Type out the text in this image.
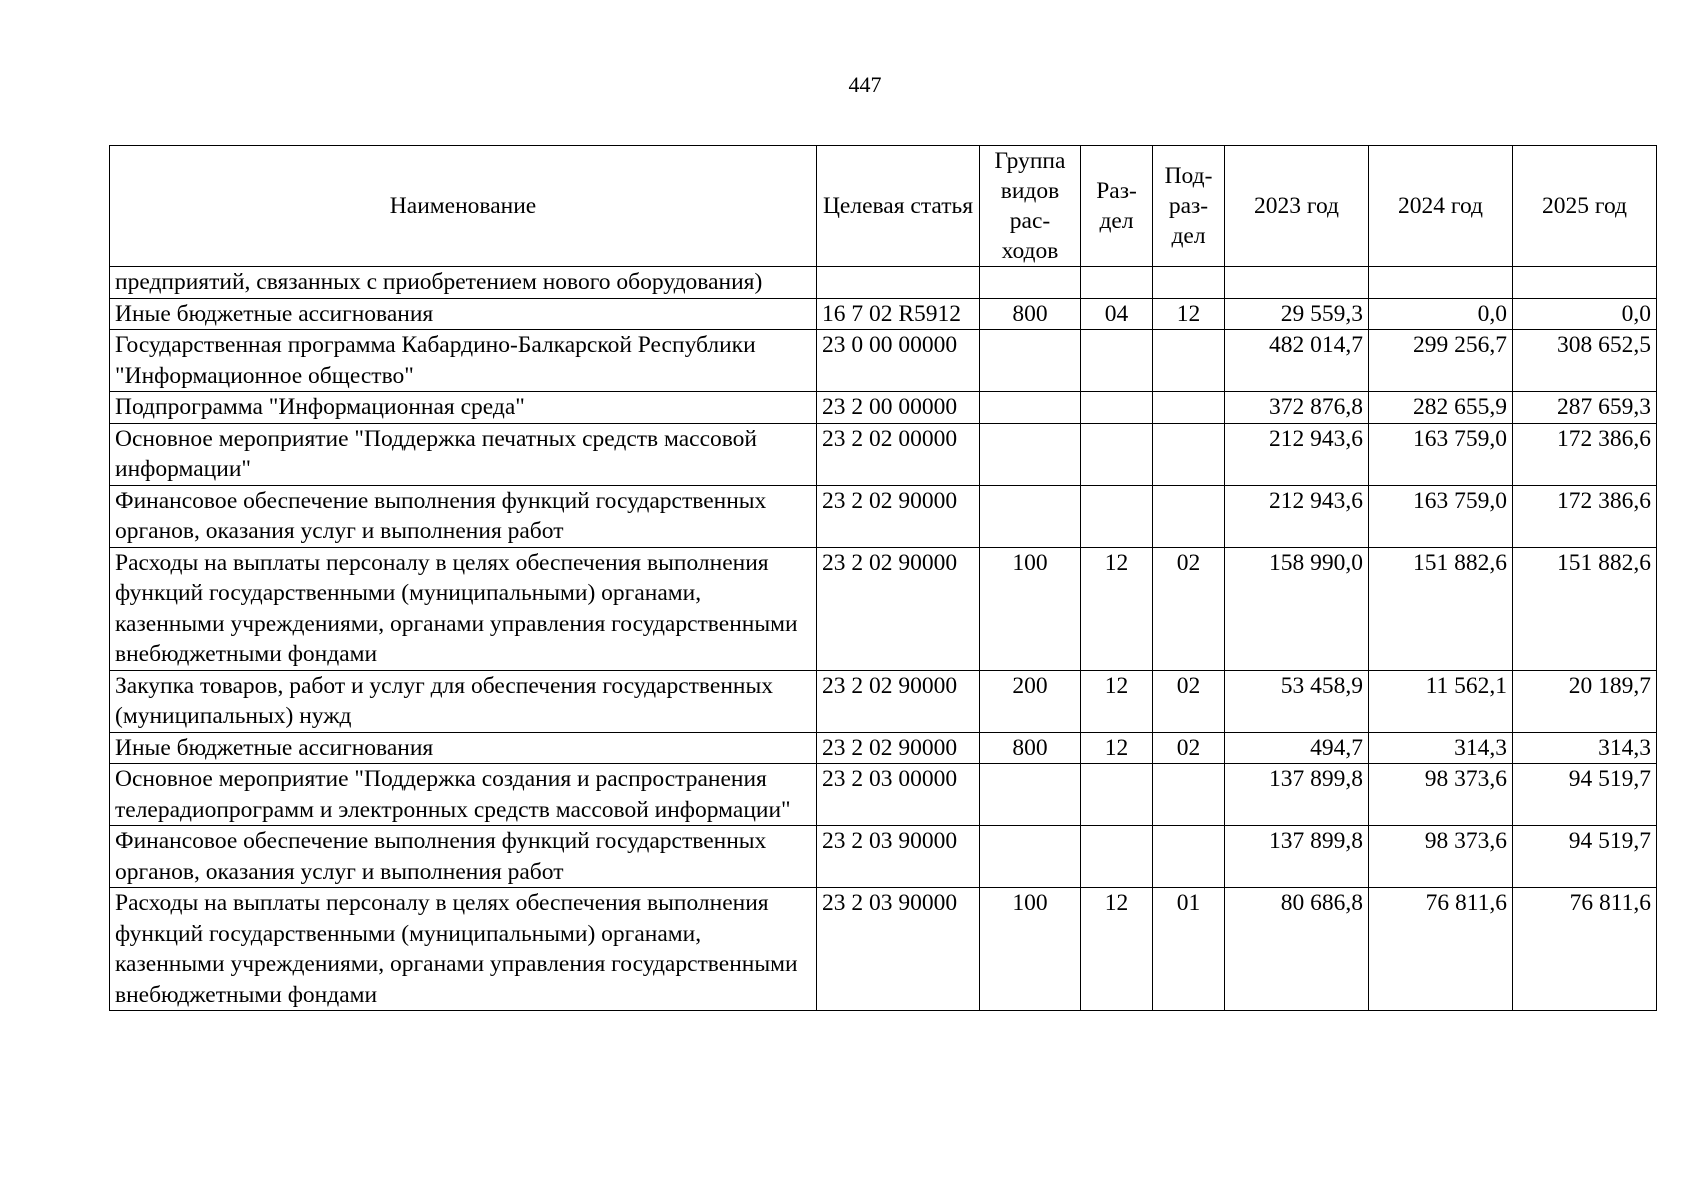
447
Наименование	Целевая статья	Группа видов рас-ходов	Раз-дел	Под-раз-дел	2023 год	2024 год	2025 год
предприятий, связанных с приобретением нового оборудования)							
Иные бюджетные ассигнования	16 7 02 R5912	800	04	12	29 559,3	0,0	0,0
Государственная программа Кабардино-Балкарской Республики "Информационное общество"	23 0 00 00000				482 014,7	299 256,7	308 652,5
Подпрограмма "Информационная среда"	23 2 00 00000				372 876,8	282 655,9	287 659,3
Основное мероприятие "Поддержка печатных средств массовой информации"	23 2 02 00000				212 943,6	163 759,0	172 386,6
Финансовое обеспечение выполнения функций государственных органов, оказания услуг и выполнения работ	23 2 02 90000				212 943,6	163 759,0	172 386,6
Расходы на выплаты персоналу в целях обеспечения выполнения функций государственными (муниципальными) органами, казенными учреждениями, органами управления государственными внебюджетными фондами	23 2 02 90000	100	12	02	158 990,0	151 882,6	151 882,6
Закупка товаров, работ и услуг для обеспечения государственных (муниципальных) нужд	23 2 02 90000	200	12	02	53 458,9	11 562,1	20 189,7
Иные бюджетные ассигнования	23 2 02 90000	800	12	02	494,7	314,3	314,3
Основное мероприятие "Поддержка создания и распространения телерадиопрограмм и электронных средств массовой информации"	23 2 03 00000				137 899,8	98 373,6	94 519,7
Финансовое обеспечение выполнения функций государственных органов, оказания услуг и выполнения работ	23 2 03 90000				137 899,8	98 373,6	94 519,7
Расходы на выплаты персоналу в целях обеспечения выполнения функций государственными (муниципальными) органами, казенными учреждениями, органами управления государственными внебюджетными фондами	23 2 03 90000	100	12	01	80 686,8	76 811,6	76 811,6
